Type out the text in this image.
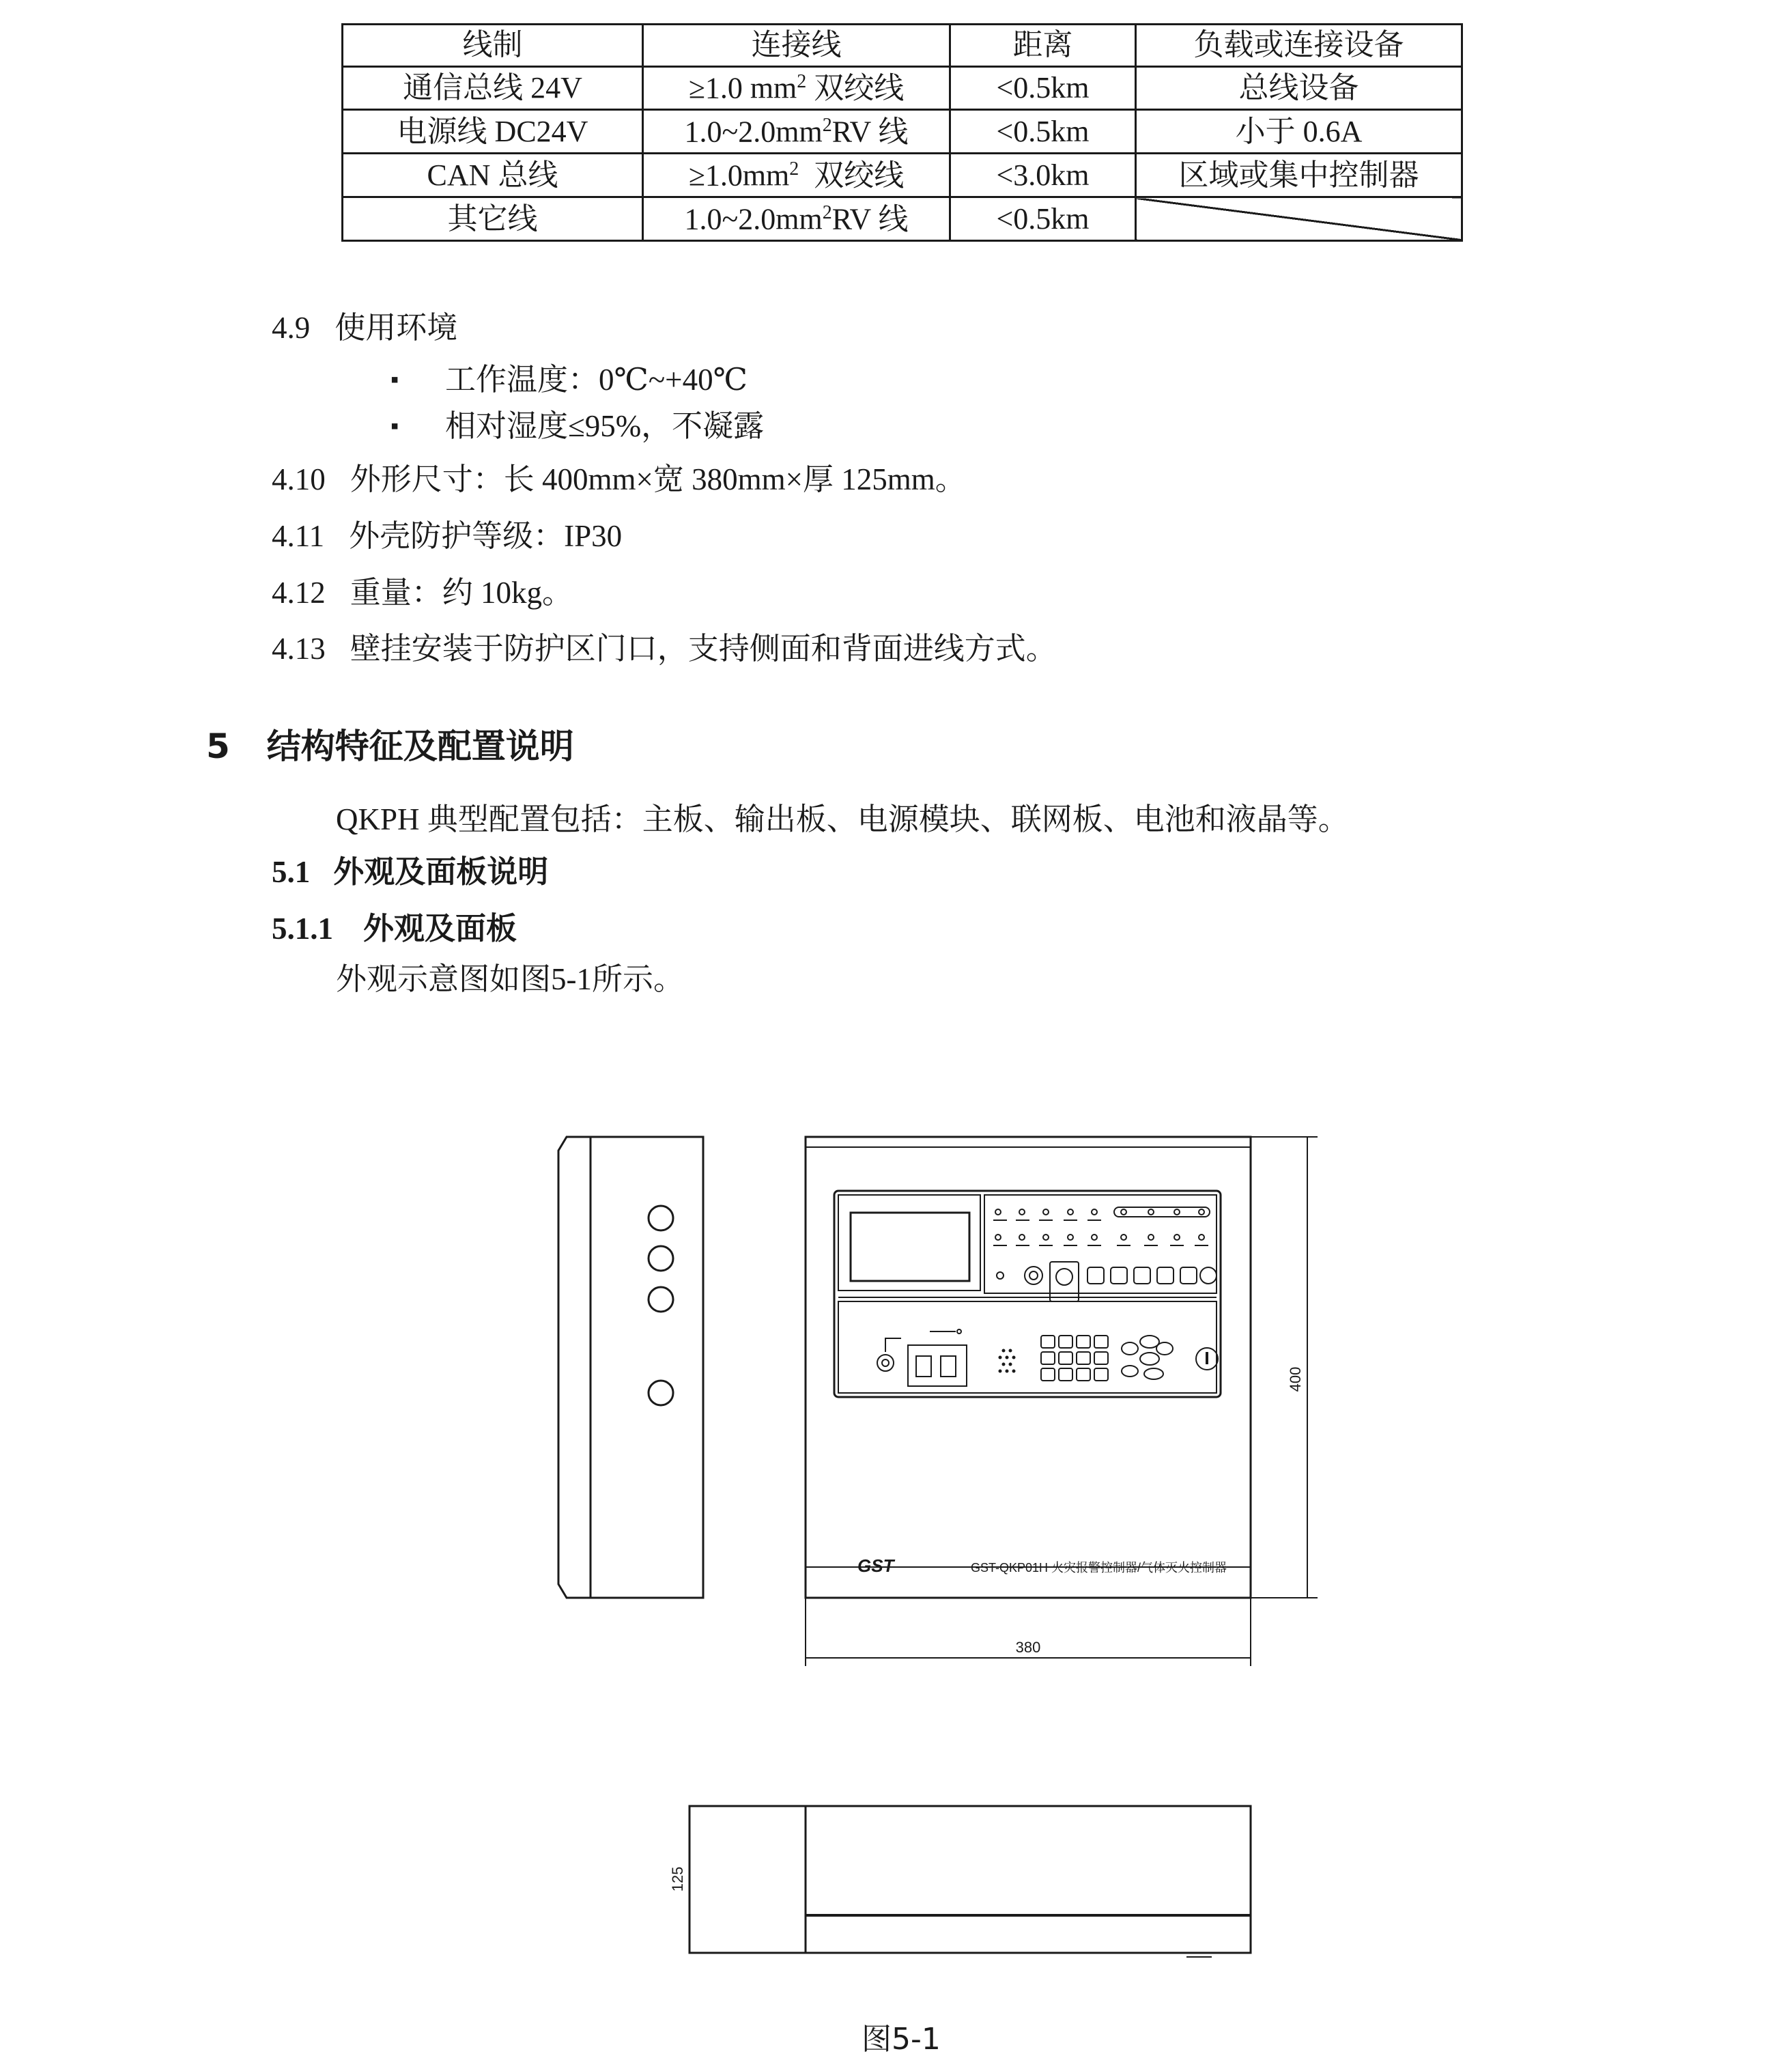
线制	连接线	距离	负载或连接设备
通信总线 24V	≥1.0 $mm^2$ 双绞线	<0.5km	总线设备
电源线 DC24V	$1.0\sim 2.0mm^2RV$ 线	<0.5km	小于 0.6A
CAN 总线	$\ge 1.0mm^2$  双绞线	<3.0km	区域或集中控制器
其它线	$1.0\sim 2.0mm^2RV$ 线	<0.5km	
4.9 使用环境
▪ 工作温度：0℃~+40℃
▪ 相对湿度≤95%，不凝露
4.10 外形尺寸：长 400mm×宽 380mm×厚 125mm。
4.11 外壳防护等级：IP30
4.12 重量：约 10kg。
4.13 壁挂安装于防护区门口，支持侧面和背面进线方式。
5 结构特征及配置说明
QKPH 典型配置包括：主板、输出板、电源模块、联网板、电池和液晶等。
5.1 外观及面板说明
5.1.1 外观及面板
外观示意图如图5-1所示。
GST	GST-QKP01H 火灾报警控制器/气体灭火控制器
400
380
125
图5-1
